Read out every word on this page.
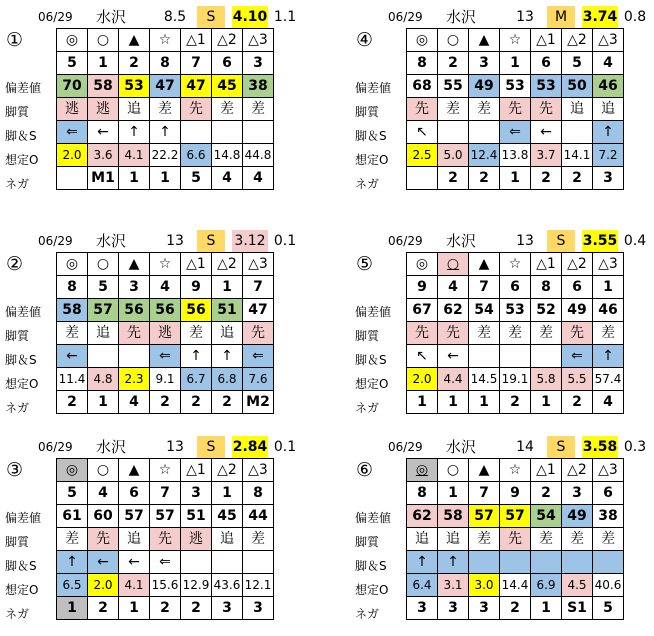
06/29 水沢	8.5	S	4.10 1.1
①
偏差値
脚質
脚＆S
想定O
ネガ
◎	○	▲	☆	△1	△2	△3
5	1	2	8	7	6	3
70	58	53	47	47	45	38
逃	逃	追	差	先	差	差
⇐	←	↑	↑			
2.0	3.6	4.1	22.2	6.6	14.8	44.8
	M1	1	1	5	4	4
06/29 水沢	13	M	3.74 0.8
④
偏差値
脚質
脚＆S
想定O
ネガ
◎	○	▲	☆	△1	△2	△3
8	2	3	1	6	5	4
68	55	49	53	53	50	46
先	差	差	先	先	追	追
↖			⇐	←		↑
2.5	5.0	12.4	13.8	3.7	14.1	7.2
	2	2	1	2	2	3
06/29 水沢	13	S	3.12 0.1
②
偏差値
脚質
脚＆S
想定O
ネガ
◎	○	▲	☆	△1	△2	△3
8	5	3	4	9	1	7
58	57	56	56	56	51	47
差	追	先	逃	差	追	先
←			⇐	↑	↑	⇐
11.4	4.8	2.3	9.1	6.7	6.8	7.6
2	1	4	2	2	2	M2
06/29 水沢	13	S	3.55 0.4
⑤
偏差値
脚質
脚＆S
想定O
ネガ
◎	○	▲	☆	△1	△2	△3
9	4	7	6	8	6	1
67	62	54	53	52	49	46
先	先	差	差	差	先	差
↖	←				⇐	↑
2.0	4.4	14.5	19.1	5.8	5.5	57.4
1	1	1	2	1	2	4
06/29 水沢	13	S	2.84 0.1
③
偏差値
脚質
脚＆S
想定O
ネガ
◎	○	▲	☆	△1	△2	△3
5	4	6	7	3	1	8
61	60	57	57	51	45	44
差	先	追	先	逃	追	差
↑	←	←	⇐			
6.5	2.0	4.1	15.6	12.9	43.6	12.1
1	2	1	2	2	3	3
06/29 水沢	14	S	3.58 0.3
⑥
偏差値
脚質
脚＆S
想定O
ネガ
◎	○	▲	☆	△1	△2	△3
8	1	7	9	2	3	6
62	58	57	57	54	49	38
追	追	差	先	差	差	差
↑	↑					
6.4	3.1	3.0	14.4	6.9	4.5	40.6
3	3	3	2	1	S1	5
